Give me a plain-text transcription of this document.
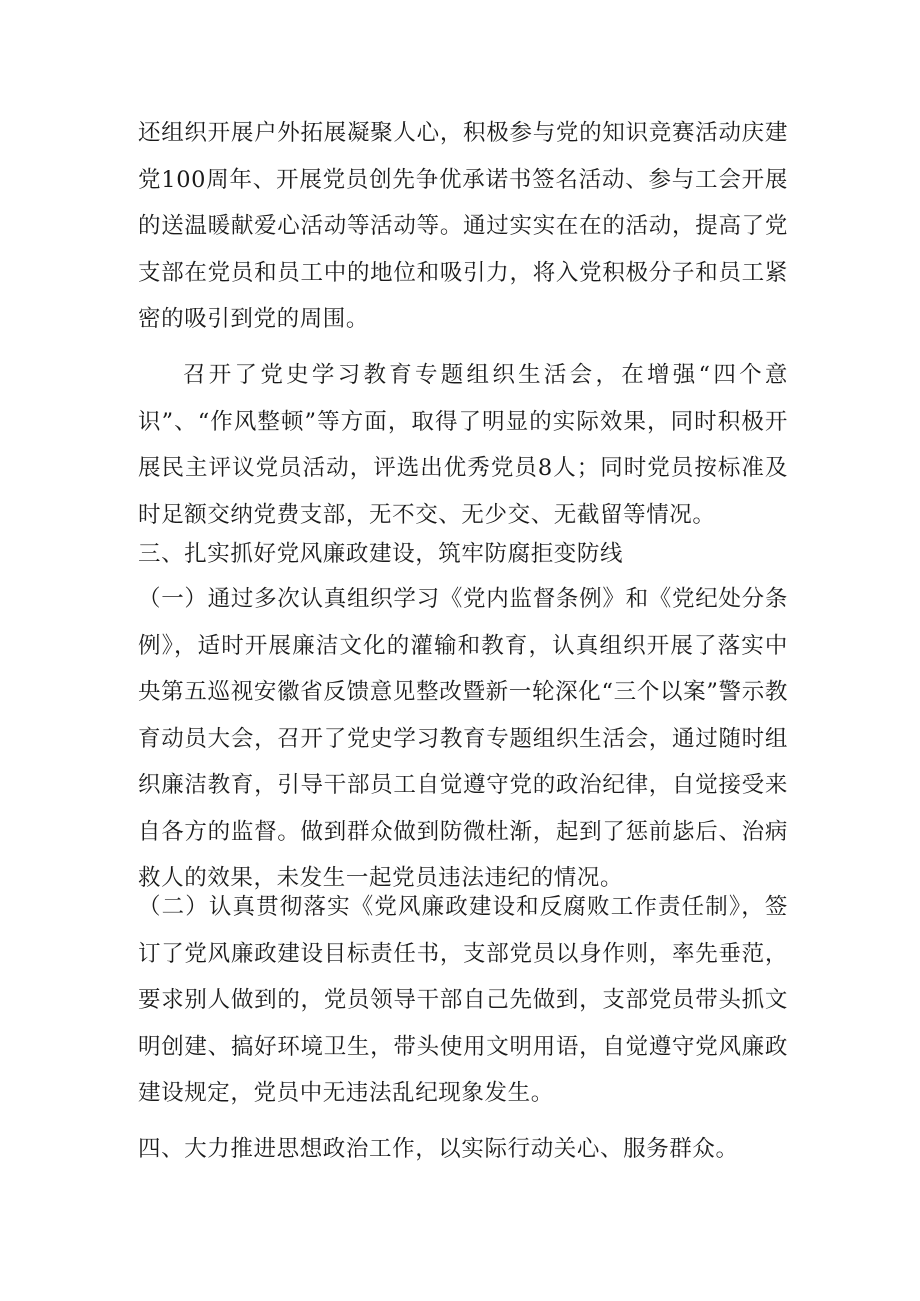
还组织开展户外拓展凝聚人心，积极参与党的知识竞赛活动庆建党100周年、开展党员创先争优承诺书签名活动、参与工会开展的送温暖献爱心活动等活动等。通过实实在在的活动，提高了党支部在党员和员工中的地位和吸引力，将入党积极分子和员工紧密的吸引到党的周围。

召开了党史学习教育专题组织生活会，在增强“四个意识”、“作风整顿”等方面，取得了明显的实际效果，同时积极开展民主评议党员活动，评选出优秀党员8人；同时党员按标准及时足额交纳党费支部，无不交、无少交、无截留等情况。

三、扎实抓好党风廉政建设，筑牢防腐拒变防线

（一）通过多次认真组织学习《党内监督条例》和《党纪处分条例》，适时开展廉洁文化的灌输和教育，认真组织开展了落实中央第五巡视安徽省反馈意见整改暨新一轮深化“三个以案”警示教育动员大会，召开了党史学习教育专题组织生活会，通过随时组织廉洁教育，引导干部员工自觉遵守党的政治纪律，自觉接受来自各方的监督。做到群众做到防微杜渐，起到了惩前毖后、治病救人的效果，未发生一起党员违法违纪的情况。

（二）认真贯彻落实《党风廉政建设和反腐败工作责任制》，签订了党风廉政建设目标责任书，支部党员以身作则，率先垂范，要求别人做到的，党员领导干部自己先做到，支部党员带头抓文明创建、搞好环境卫生，带头使用文明用语，自觉遵守党风廉政建设规定，党员中无违法乱纪现象发生。

四、大力推进思想政治工作，以实际行动关心、服务群众。
